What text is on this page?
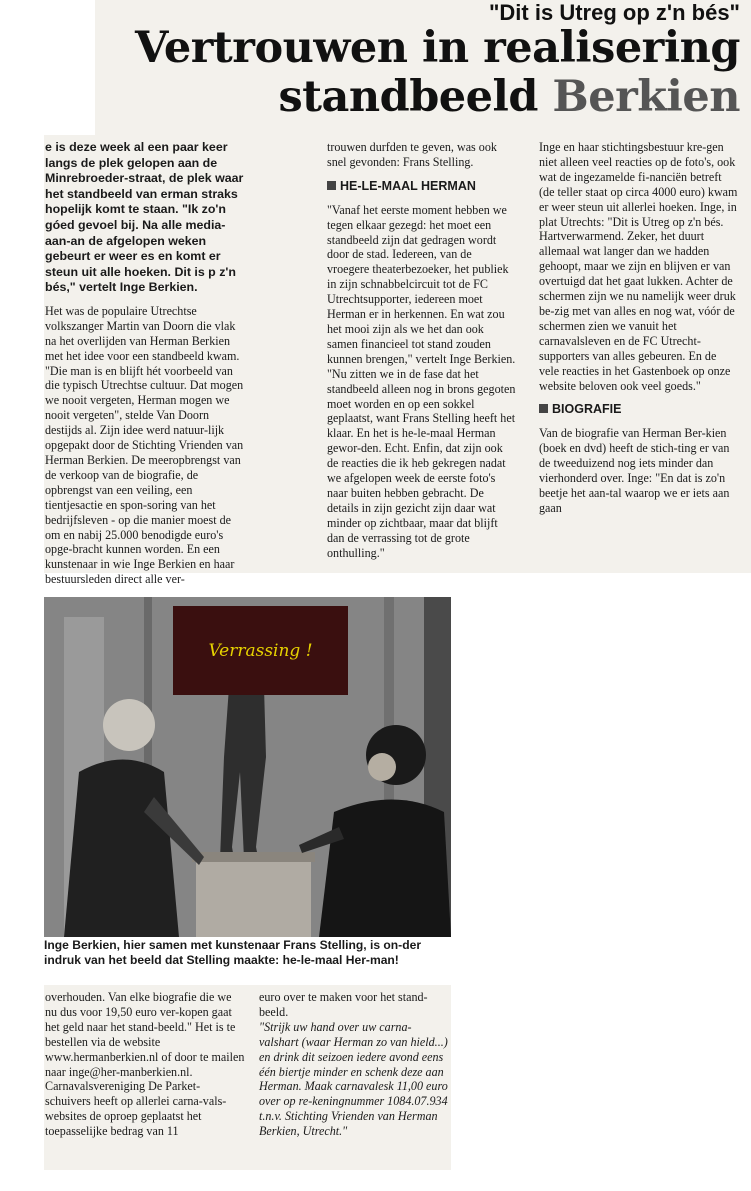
"Dit is Utreg op z'n bés"
Vertrouwen in realisering
standbeeld Berkien

e is deze week al een paar keer langs de plek gelopen aan de Minrebroeder-straat, de plek waar het standbeeld van erman straks hopelijk komt te staan. "Ik zo'n góed gevoel bij. Na alle media-aan-an de afgelopen weken gebeurt er weer es en komt er steun uit alle hoeken. Dit is p z'n bés," vertelt Inge Berkien.

Het was de populaire Utrechtse volkszanger Martin van Doorn die vlak na het overlijden van Herman Berkien met het idee voor een standbeeld kwam. "Die man is en blijft hét voorbeeld van die typisch Utrechtse cultuur. Dat mogen we nooit vergeten, Herman mogen we nooit vergeten", stelde Van Doorn destijds al. Zijn idee werd natuur-lijk opgepakt door de Stichting Vrienden van Herman Berkien. De meeropbrengst van de verkoop van de biografie, de opbrengst van een veiling, een tientjesactie en spon-soring van het bedrijfsleven - op die manier moest de om en nabij 25.000 benodigde euro's opge-bracht kunnen worden. En een kunstenaar in wie Inge Berkien en haar bestuursleden direct alle ver-

trouwen durfden te geven, was ook snel gevonden: Frans Stelling.

HE-LE-MAAL HERMAN

"Vanaf het eerste moment hebben we tegen elkaar gezegd: het moet een standbeeld zijn dat gedragen wordt door de stad. Iedereen, van de vroegere theaterbezoeker, het publiek in zijn schnabbelcircuit tot de FC Utrechtsupporter, iedereen moet Herman er in herkennen. En wat zou het mooi zijn als we het dan ook samen financieel tot stand zouden kunnen brengen," vertelt Inge Berkien. "Nu zitten we in de fase dat het standbeeld alleen nog in brons gegoten moet worden en op een sokkel geplaatst, want Frans Stelling heeft het klaar. En het is he-le-maal Herman gewor-den. Echt. Enfin, dat zijn ook de reacties die ik heb gekregen nadat we afgelopen week de eerste foto's naar buiten hebben gebracht. De details in zijn gezicht zijn daar wat minder op zichtbaar, maar dat blijft dan de verrassing tot de grote onthulling."

Inge en haar stichtingsbestuur kre-gen niet alleen veel reacties op de foto's, ook wat de ingezamelde fi-nanciën betreft (de teller staat op circa 4000 euro) kwam er weer steun uit allerlei hoeken. Inge, in plat Utrechts: "Dit is Utreg op z'n bés. Hartverwarmend. Zeker, het duurt allemaal wat langer dan we hadden gehoopt, maar we zijn en blijven er van overtuigd dat het gaat lukken. Achter de schermen zijn we nu namelijk weer druk be-zig met van alles en nog wat, vóór de schermen zien we vanuit het carnavalsleven en de FC Utrecht-supporters van alles gebeuren. En de vele reacties in het Gastenboek op onze website beloven ook veel goeds."

BIOGRAFIE

Van de biografie van Herman Ber-kien (boek en dvd) heeft de stich-ting er van de tweeduizend nog iets minder dan vierhonderd over. Inge: "En dat is zo'n beetje het aan-tal waarop we er iets aan gaan

Verrassing !
Inge Berkien, hier samen met kunstenaar Frans Stelling, is on-der indruk van het beeld dat Stelling maakte: he-le-maal Her-man!

overhouden. Van elke biografie die we nu dus voor 19,50 euro ver-kopen gaat het geld naar het stand-beeld." Het is te bestellen via de website www.hermanberkien.nl of door te mailen naar inge@her-manberkien.nl. Carnavalsvereniging De Parket-schuivers heeft op allerlei carna-vals-websites de oproep geplaatst het toepasselijke bedrag van 11

euro over te maken voor het stand-beeld.

"Strijk uw hand over uw carna-valshart (waar Herman zo van hield...) en drink dit seizoen iedere avond eens één biertje minder en schenk deze aan Herman. Maak carnavalesk 11,00 euro over op re-keningnummer 1084.07.934 t.n.v. Stichting Vrienden van Herman Berkien, Utrecht."
